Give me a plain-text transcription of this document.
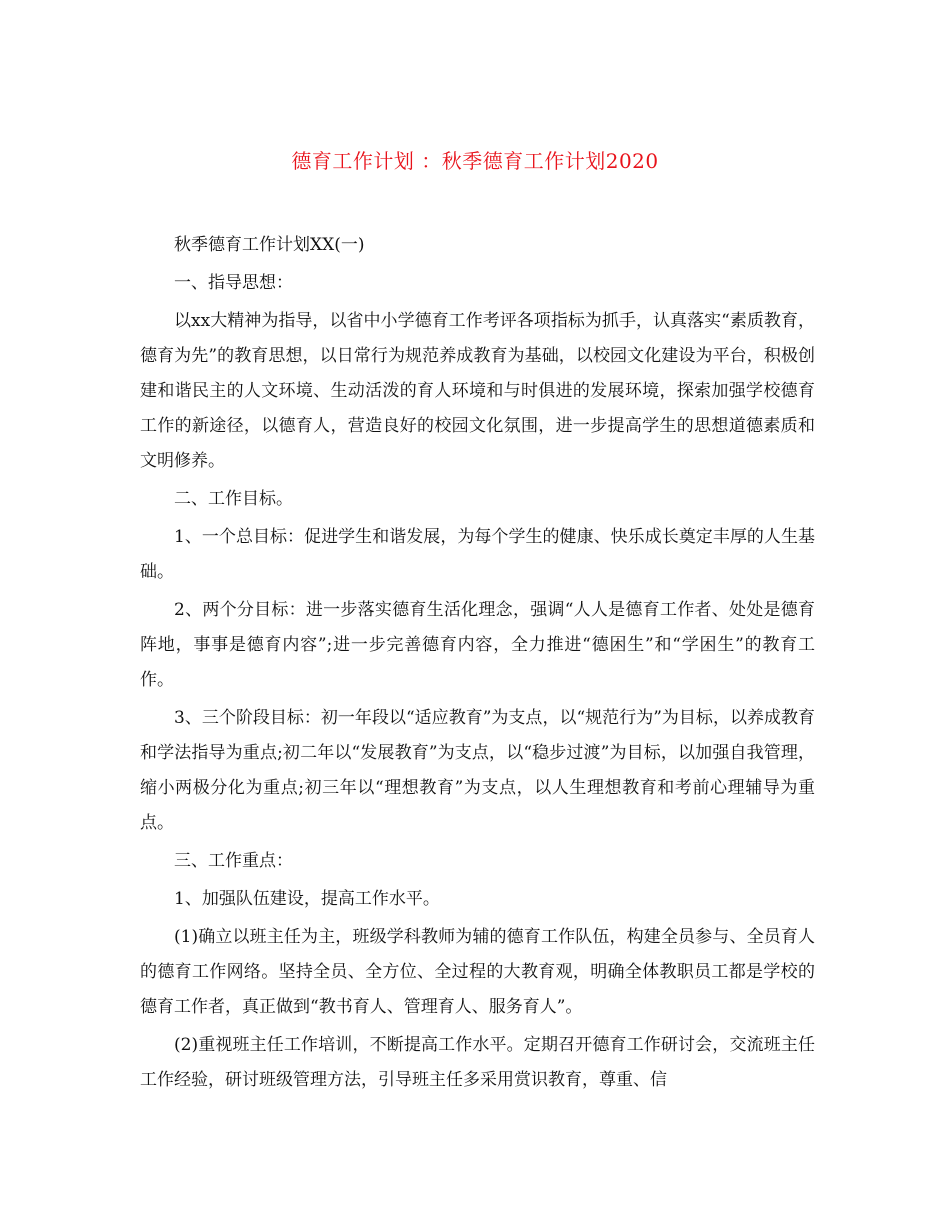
德育工作计划 ：秋季德育工作计划2020

秋季德育工作计划XX(一)

一、指导思想：

以xx大精神为指导，以省中小学德育工作考评各项指标为抓手，认真落实“素质教育，德育为先”的教育思想，以日常行为规范养成教育为基础，以校园文化建设为平台，积极创建和谐民主的人文环境、生动活泼的育人环境和与时俱进的发展环境，探索加强学校德育工作的新途径，以德育人，营造良好的校园文化氛围，进一步提高学生的思想道德素质和文明修养。

二、工作目标。

1、一个总目标：促进学生和谐发展，为每个学生的健康、快乐成长奠定丰厚的人生基础。

2、两个分目标：进一步落实德育生活化理念，强调“人人是德育工作者、处处是德育阵地，事事是德育内容”;进一步完善德育内容，全力推进“德困生”和“学困生”的教育工作。

3、三个阶段目标：初一年段以“适应教育”为支点，以“规范行为”为目标，以养成教育和学法指导为重点;初二年以“发展教育”为支点，以“稳步过渡”为目标，以加强自我管理，缩小两极分化为重点;初三年以“理想教育”为支点，以人生理想教育和考前心理辅导为重点。

三、工作重点：

1、加强队伍建设，提高工作水平。

(1)确立以班主任为主，班级学科教师为辅的德育工作队伍，构建全员参与、全员育人的德育工作网络。坚持全员、全方位、全过程的大教育观，明确全体教职员工都是学校的德育工作者，真正做到“教书育人、管理育人、服务育人”。

(2)重视班主任工作培训，不断提高工作水平。定期召开德育工作研讨会，交流班主任工作经验，研讨班级管理方法，引导班主任多采用赏识教育，尊重、信
